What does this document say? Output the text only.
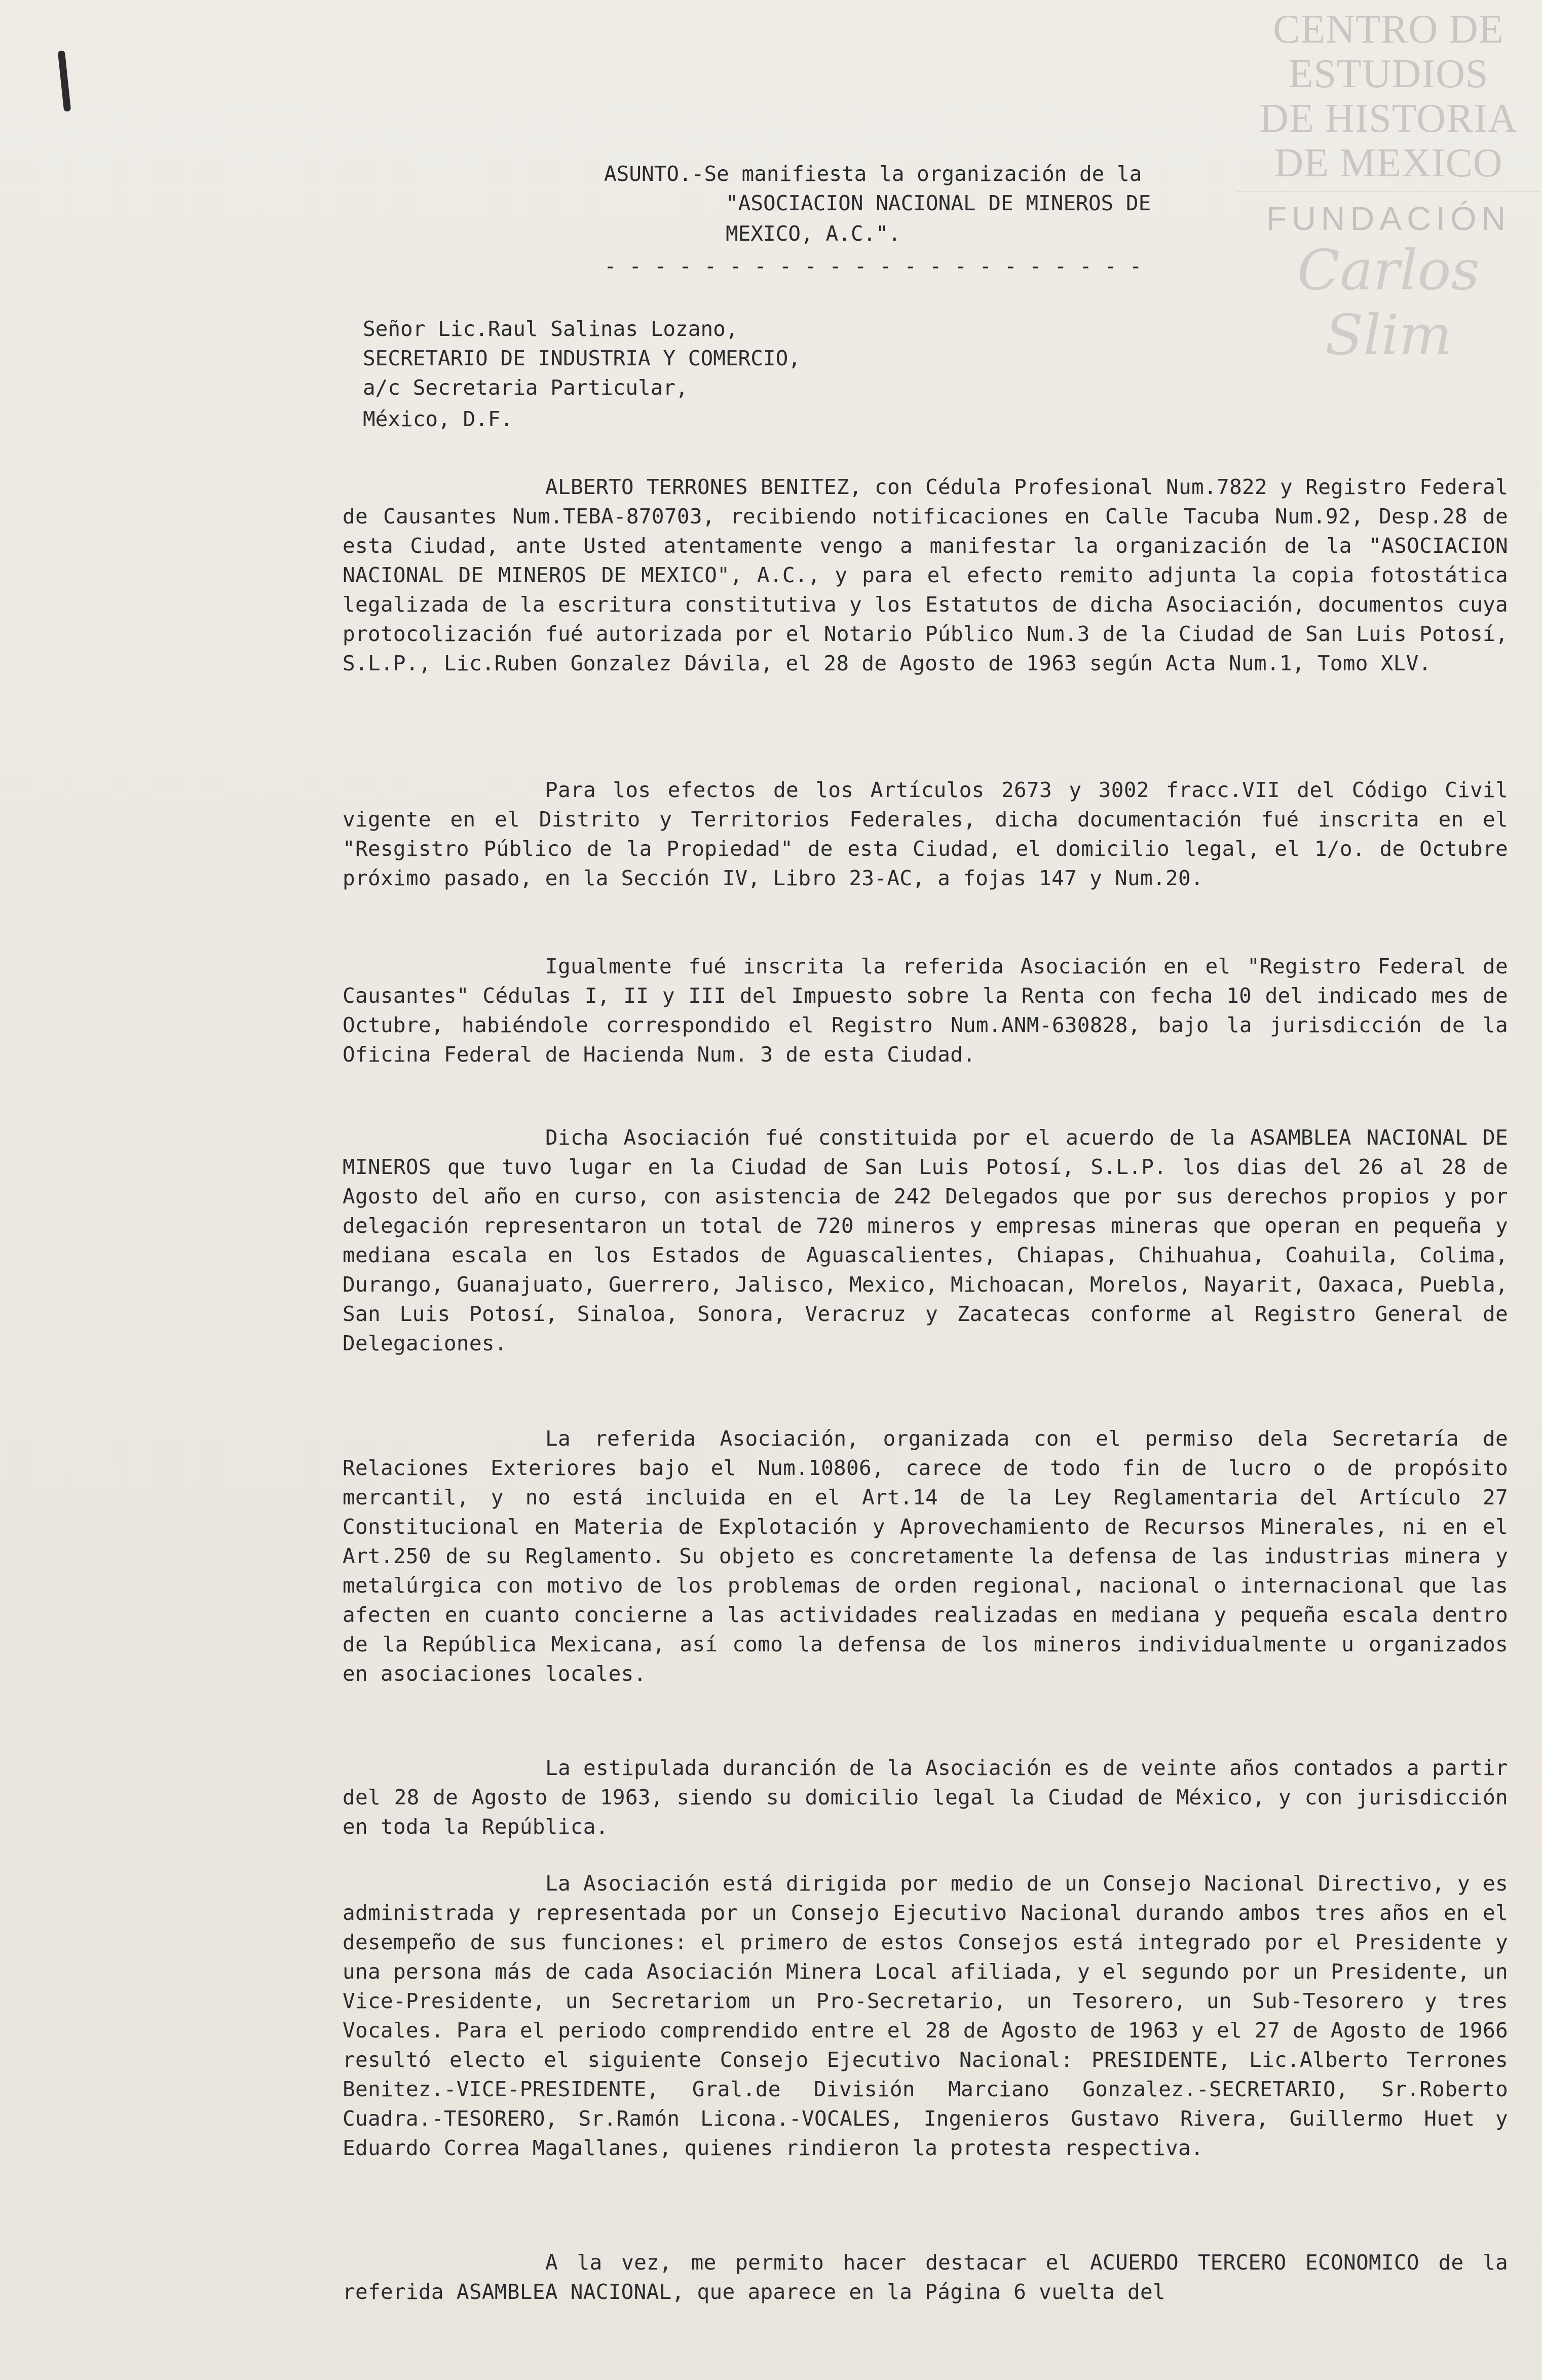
CENTRO DE
ESTUDIOS
DE HISTORIA
DE MEXICO
FUNDACIÓN
Carlos Slim
ASUNTO.-Se manifiesta la organización de la
"ASOCIACION NACIONAL DE MINEROS DE
MEXICO, A.C.".
- - - - - - - - - - - - - - - - - - - - - -
Señor Lic.Raul Salinas Lozano,
SECRETARIO DE INDUSTRIA Y COMERCIO,
a/c Secretaria Particular,
México, D.F.

ALBERTO TERRONES BENITEZ, con Cédula Profesional Num.7822 y Registro Federal de Causantes Num.TEBA-870703, recibiendo notificaciones en Calle Tacuba Num.92, Desp.28 de esta Ciudad, ante Usted atentamente vengo a manifestar la organización de la "ASOCIACION NACIONAL DE MINEROS DE MEXICO", A.C., y para el efecto remito adjunta la copia fotostática legalizada de la escritura constitutiva y los Estatutos de dicha Asociación, documentos cuya protocolización fué autorizada por el Notario Público Num.3 de la Ciudad de San Luis Potosí, S.L.P., Lic.Ruben Gonzalez Dávila, el 28 de Agosto de 1963 según Acta Num.1, Tomo XLV.

Para los efectos de los Artículos 2673 y 3002 fracc.VII del Código Civil vigente en el Distrito y Territorios Federales, dicha documentación fué inscrita en el "Resgistro Público de la Propiedad" de esta Ciudad, el domicilio legal, el 1/o. de Octubre próximo pasado, en la Sección IV, Libro 23-AC, a fojas 147 y Num.20.

Igualmente fué inscrita la referida Asociación en el "Registro Federal de Causantes" Cédulas I, II y III del Impuesto sobre la Renta con fecha 10 del indicado mes de Octubre, habiéndole correspondido el Registro Num.ANM-630828, bajo la jurisdicción de la Oficina Federal de Hacienda Num. 3 de esta Ciudad.

Dicha Asociación fué constituida por el acuerdo de la ASAMBLEA NACIONAL DE MINEROS que tuvo lugar en la Ciudad de San Luis Potosí, S.L.P. los dias del 26 al 28 de Agosto del año en curso, con asistencia de 242 Delegados que por sus derechos propios y por delegación representaron un total de 720 mineros y empresas mineras que operan en pequeña y mediana escala en los Estados de Aguascalientes, Chiapas, Chihuahua, Coahuila, Colima, Durango, Guanajuato, Guerrero, Jalisco, Mexico, Michoacan, Morelos, Nayarit, Oaxaca, Puebla, San Luis Potosí, Sinaloa, Sonora, Veracruz y Zacatecas conforme al Registro General de Delegaciones.

La referida Asociación, organizada con el permiso dela Secretaría de Relaciones Exteriores bajo el Num.10806, carece de todo fin de lucro o de propósito mercantil, y no está incluida en el Art.14 de la Ley Reglamentaria del Artículo 27 Constitucional en Materia de Explotación y Aprovechamiento de Recursos Minerales, ni en el Art.250 de su Reglamento. Su objeto es concretamente la defensa de las industrias minera y metalúrgica con motivo de los problemas de orden regional, nacional o internacional que las afecten en cuanto concierne a las actividades realizadas en mediana y pequeña escala dentro de la República Mexicana, así como la defensa de los mineros individualmente u organizados en asociaciones locales.

La estipulada duranción de la Asociación es de veinte años contados a partir del 28 de Agosto de 1963, siendo su domicilio legal la Ciudad de México, y con jurisdicción en toda la República.

La Asociación está dirigida por medio de un Consejo Nacional Directivo, y es administrada y representada por un Consejo Ejecutivo Nacional durando ambos tres años en el desempeño de sus funciones: el primero de estos Consejos está integrado por el Presidente y una persona más de cada Asociación Minera Local afiliada, y el segundo por un Presidente, un Vice-Presidente, un Secretariom un Pro-Secretario, un Tesorero, un Sub-Tesorero y tres Vocales. Para el periodo comprendido entre el 28 de Agosto de 1963 y el 27 de Agosto de 1966 resultó electo el siguiente Consejo Ejecutivo Nacional: PRESIDENTE, Lic.Alberto Terrones Benitez.-VICE-PRESIDENTE, Gral.de División Marciano Gonzalez.-SECRETARIO, Sr.Roberto Cuadra.-TESORERO, Sr.Ramón Licona.-VOCALES, Ingenieros Gustavo Rivera, Guillermo Huet y Eduardo Correa Magallanes, quienes rindieron la protesta respectiva.

A la vez, me permito hacer destacar el ACUERDO TERCERO ECONOMICO de la referida ASAMBLEA NACIONAL, que aparece en la Página 6 vuelta del
